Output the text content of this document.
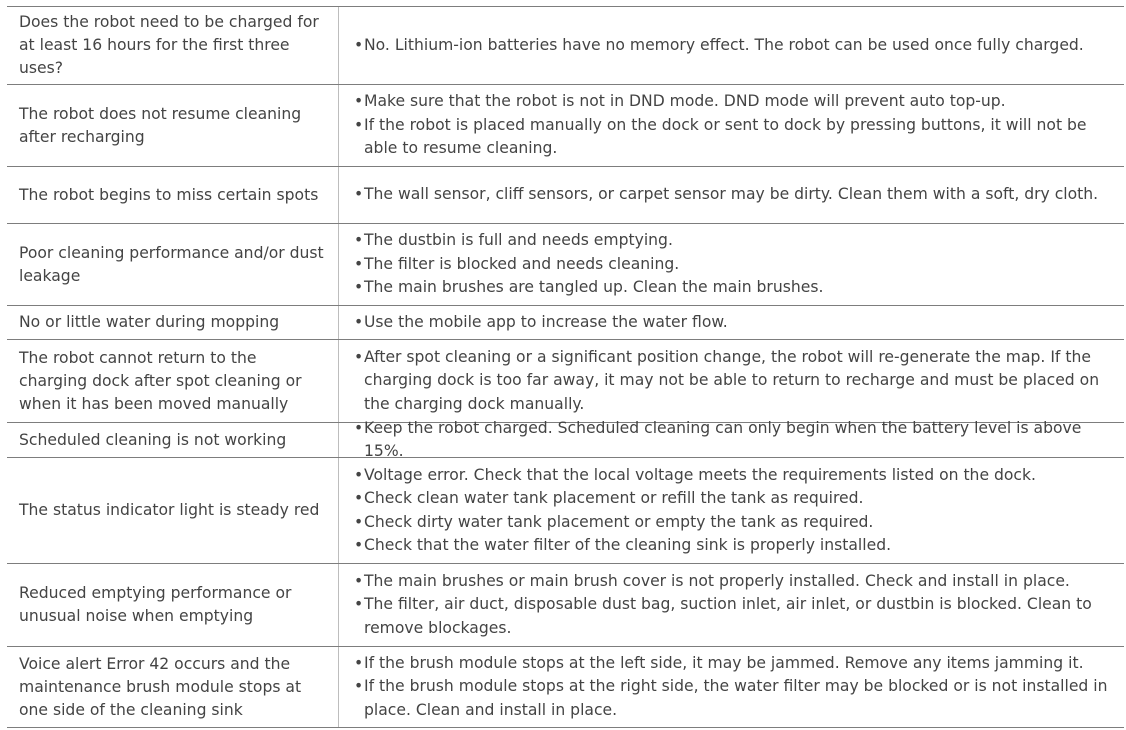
Does the robot need to be charged for at least 16 hours for the first three uses?
• No. Lithium-ion batteries have no memory effect. The robot can be used once fully charged.
The robot does not resume cleaning after recharging
• Make sure that the robot is not in DND mode. DND mode will prevent auto top-up.
• If the robot is placed manually on the dock or sent to dock by pressing buttons, it will not be able to resume cleaning.
The robot begins to miss certain spots • The wall sensor, cliff sensors, or carpet sensor may be dirty. Clean them with a soft, dry cloth.
Poor cleaning performance and/or dust leakage
• The dustbin is full and needs emptying.
• The filter is blocked and needs cleaning.
• The main brushes are tangled up. Clean the main brushes.
No or little water during mopping	• Use the mobile app to increase the water flow.
The robot cannot return to the charging dock after spot cleaning or when it has been moved manually
• After spot cleaning or a significant position change, the robot will re-generate the map. If the charging dock is too far away, it may not be able to return to recharge and must be placed on the charging dock manually.
Scheduled cleaning is not working
• Keep the robot charged. Scheduled cleaning can only begin when the battery level is above 15%.
The status indicator light is steady red
• Voltage error. Check that the local voltage meets the requirements listed on the dock.
• Check clean water tank placement or refill the tank as required.
• Check dirty water tank placement or empty the tank as required.
• Check that the water filter of the cleaning sink is properly installed.
Reduced emptying performance or unusual noise when emptying
• The main brushes or main brush cover is not properly installed. Check and install in place.
• The filter, air duct, disposable dust bag, suction inlet, air inlet, or dustbin is blocked. Clean to remove blockages.
Voice alert Error 42 occurs and the maintenance brush module stops at one side of the cleaning sink
• If the brush module stops at the left side, it may be jammed. Remove any items jamming it.
• If the brush module stops at the right side, the water filter may be blocked or is not installed in place. Clean and install in place.
